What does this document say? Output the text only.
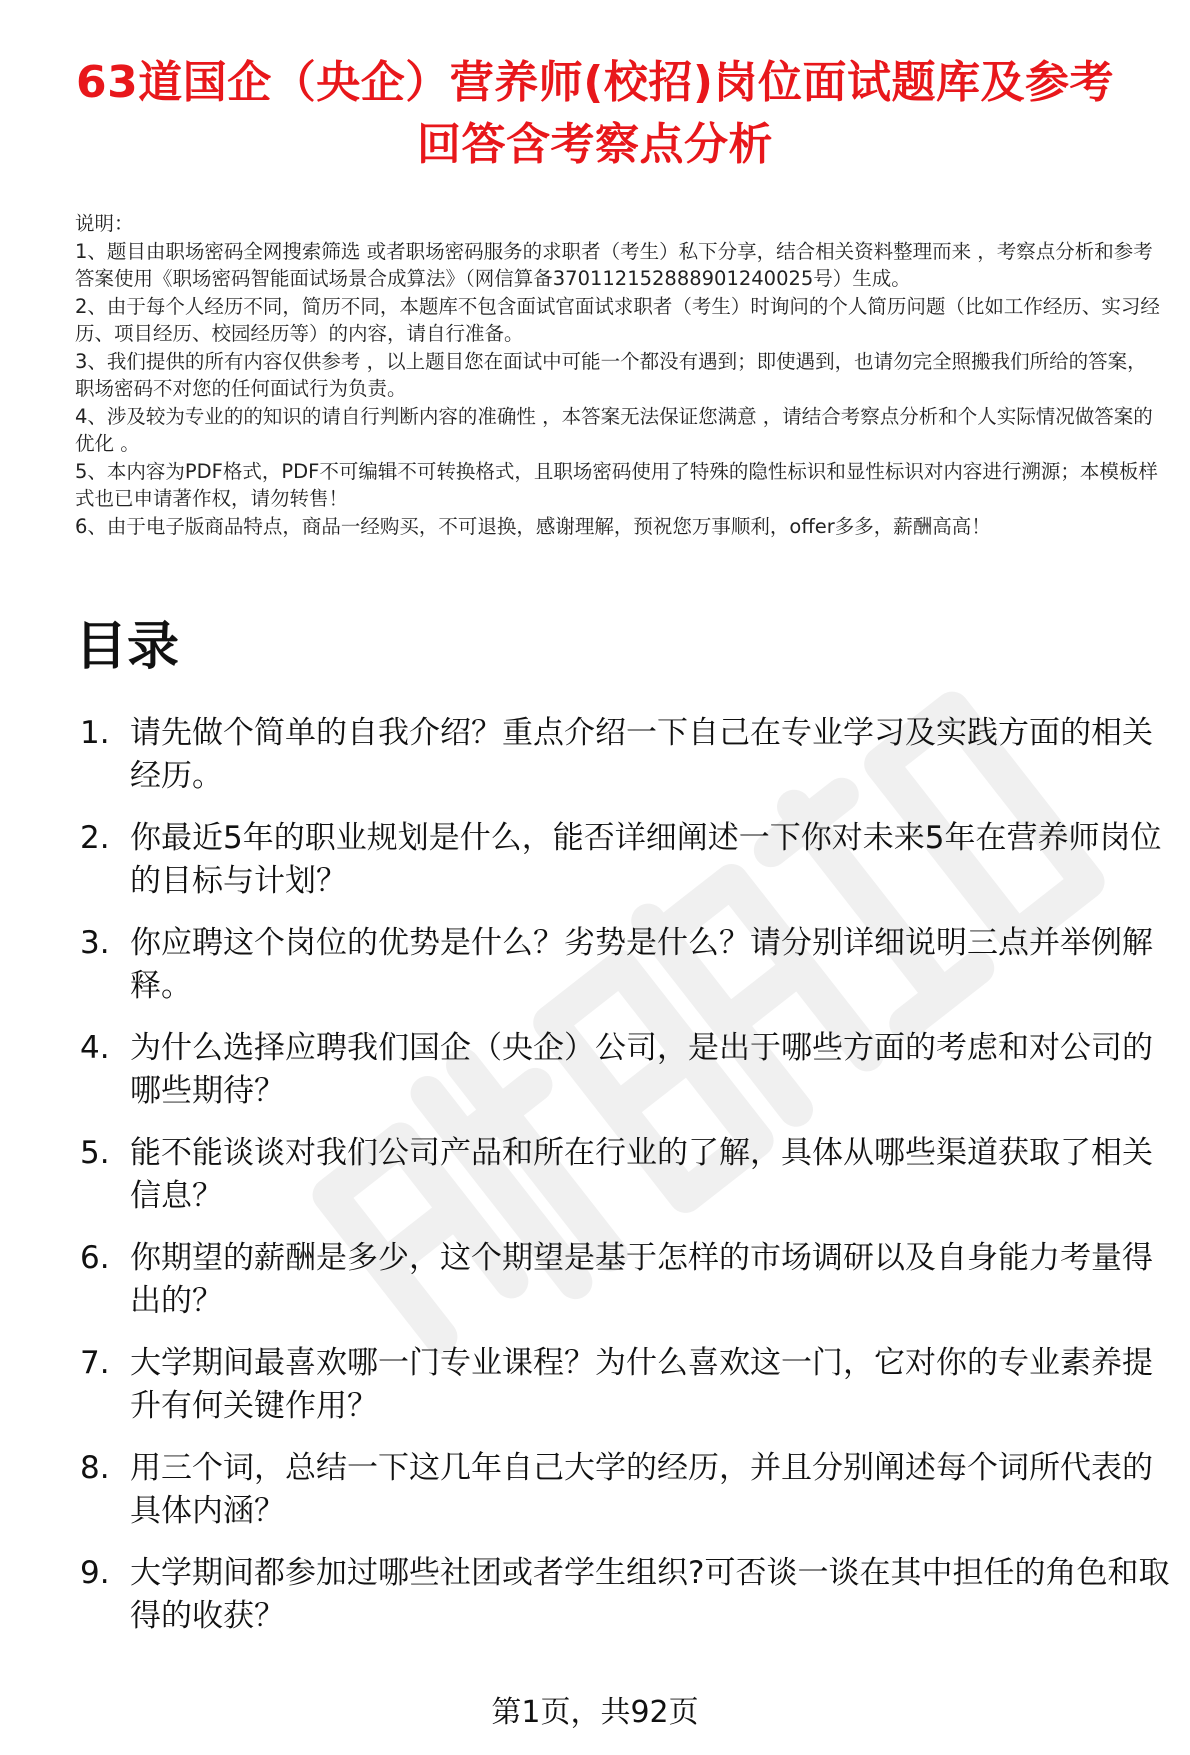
63道国企（央企）营养师(校招)岗位面试题库及参考回答含考察点分析

说明：

1、题目由职场密码全网搜索筛选 或者职场密码服务的求职者（考生）私下分享，结合相关资料整理而来 ，考察点分析和参考答案使用《职场密码智能面试场景合成算法》（网信算备370112152888901240025号）生成。

2、由于每个人经历不同，简历不同，本题库不包含面试官面试求职者（考生）时询问的个人简历问题（比如工作经历、实习经历、项目经历、校园经历等）的内容，请自行准备。

3、我们提供的所有内容仅供参考 ，以上题目您在面试中可能一个都没有遇到；即使遇到，也请勿完全照搬我们所给的答案，职场密码不对您的任何面试行为负责。

4、涉及较为专业的的知识的请自行判断内容的准确性 ，本答案无法保证您满意 ，请结合考察点分析和个人实际情况做答案的优化 。

5、本内容为PDF格式，PDF不可编辑不可转换格式，且职场密码使用了特殊的隐性标识和显性标识对内容进行溯源；本模板样式也已申请著作权，请勿转售！

6、由于电子版商品特点，商品一经购买，不可退换，感谢理解，预祝您万事顺利，offer多多，薪酬高高！

目录
1. 请先做个简单的自我介绍？重点介绍一下自己在专业学习及实践方面的相关经历。
2. 你最近5年的职业规划是什么，能否详细阐述一下你对未来5年在营养师岗位的目标与计划？
3. 你应聘这个岗位的优势是什么？劣势是什么？请分别详细说明三点并举例解释。
4. 为什么选择应聘我们国企（央企）公司，是出于哪些方面的考虑和对公司的哪些期待？
5. 能不能谈谈对我们公司产品和所在行业的了解，具体从哪些渠道获取了相关信息？
6. 你期望的薪酬是多少，这个期望是基于怎样的市场调研以及自身能力考量得出的？
7. 大学期间最喜欢哪一门专业课程？为什么喜欢这一门，它对你的专业素养提升有何关键作用？
8. 用三个词，总结一下这几年自己大学的经历，并且分别阐述每个词所代表的具体内涵？
9. 大学期间都参加过哪些社团或者学生组织?可否谈一谈在其中担任的角色和取得的收获？
第1页，共92页
